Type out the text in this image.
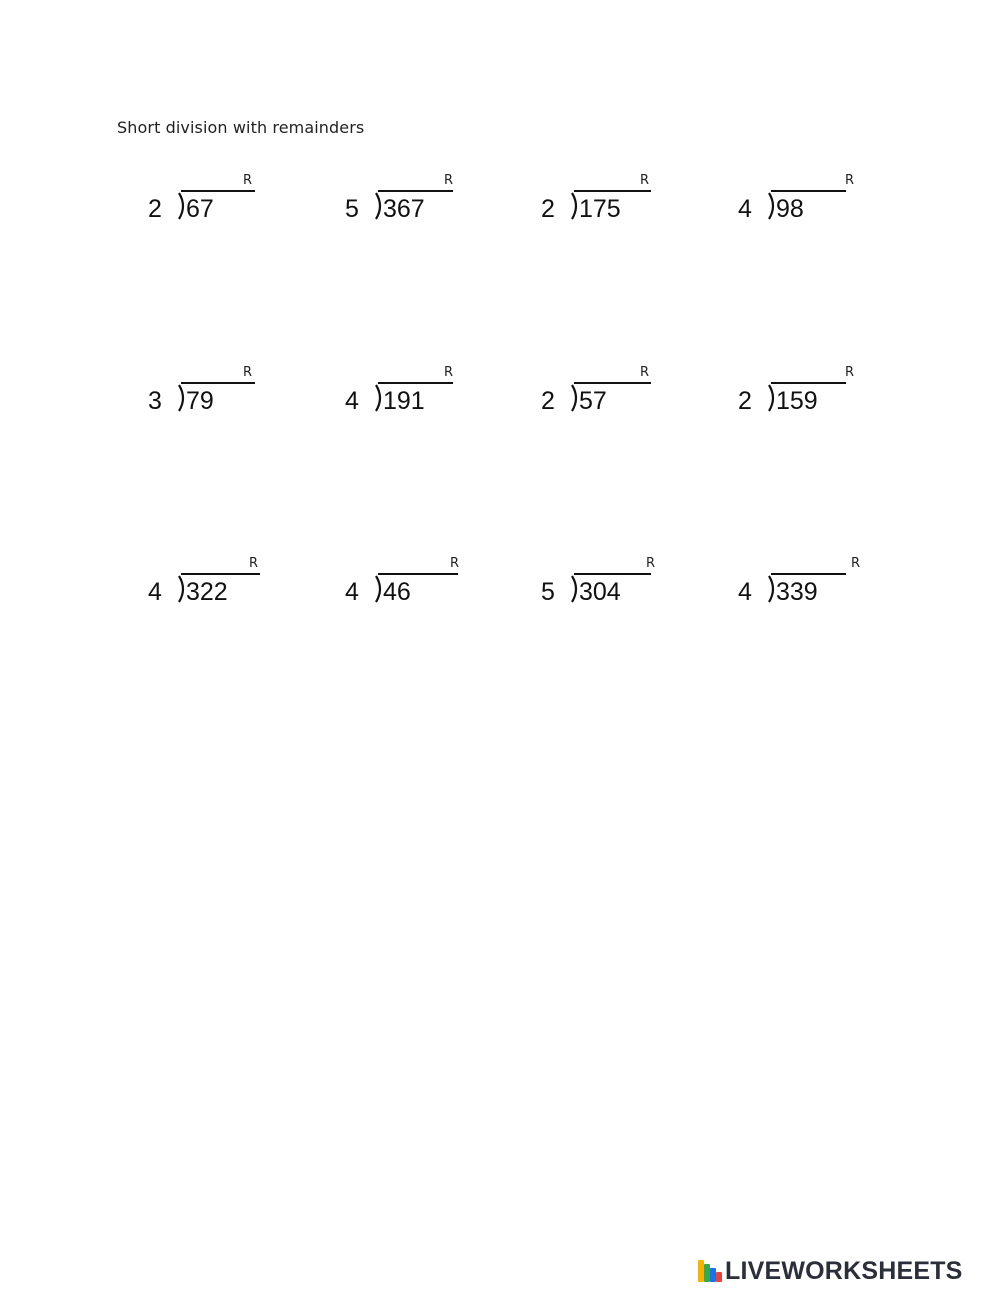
Short division with remainders
2 67
R
5 367
R
2 175
R
4 98
R
3 79
R
4 191
R
2 57
R
2 159
R
4 322
R
4 46
R
5 304
R
4 339
R
LIVEWORKSHEETS
